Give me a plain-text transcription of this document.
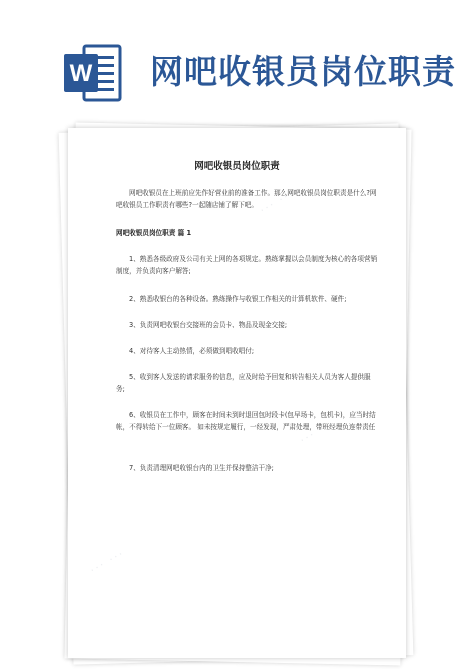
W 网吧收银员岗位职责
网吧收银员岗位职责
网吧收银员在上班前应先作好营业前的准备工作。那么网吧收银员岗位职责是什么?网吧收银员工作职责有哪些?一起随店铺了解下吧。
网吧收银员岗位职责 篇 1
1、熟悉各级政府及公司有关上网的各项规定。熟练掌握以会员制度为核心的各项营销制度，并负责向客户解答;
2、熟悉收银台的各种设备。熟练操作与收银工作相关的计算机软件、硬件;
3、负责网吧收银台交接班的会员卡、物品及现金交接;
4、对待客人主动热情，必须做到唱收唱付;
5、收到客人发送的请求服务的信息，应及时给予回复和转告相关人员为客人提供服务;
6、收银员在工作中，顾客在时间未到时退回包时段卡(包早场卡，包机卡)，应当时结帐，不得转给下一位顾客。 如未按规定履行，一经发现，严肃处理，带班经理负连带责任
7、负责清理网吧收银台内的卫生并保持整洁干净;
··· ···
··· ···
··· ···
